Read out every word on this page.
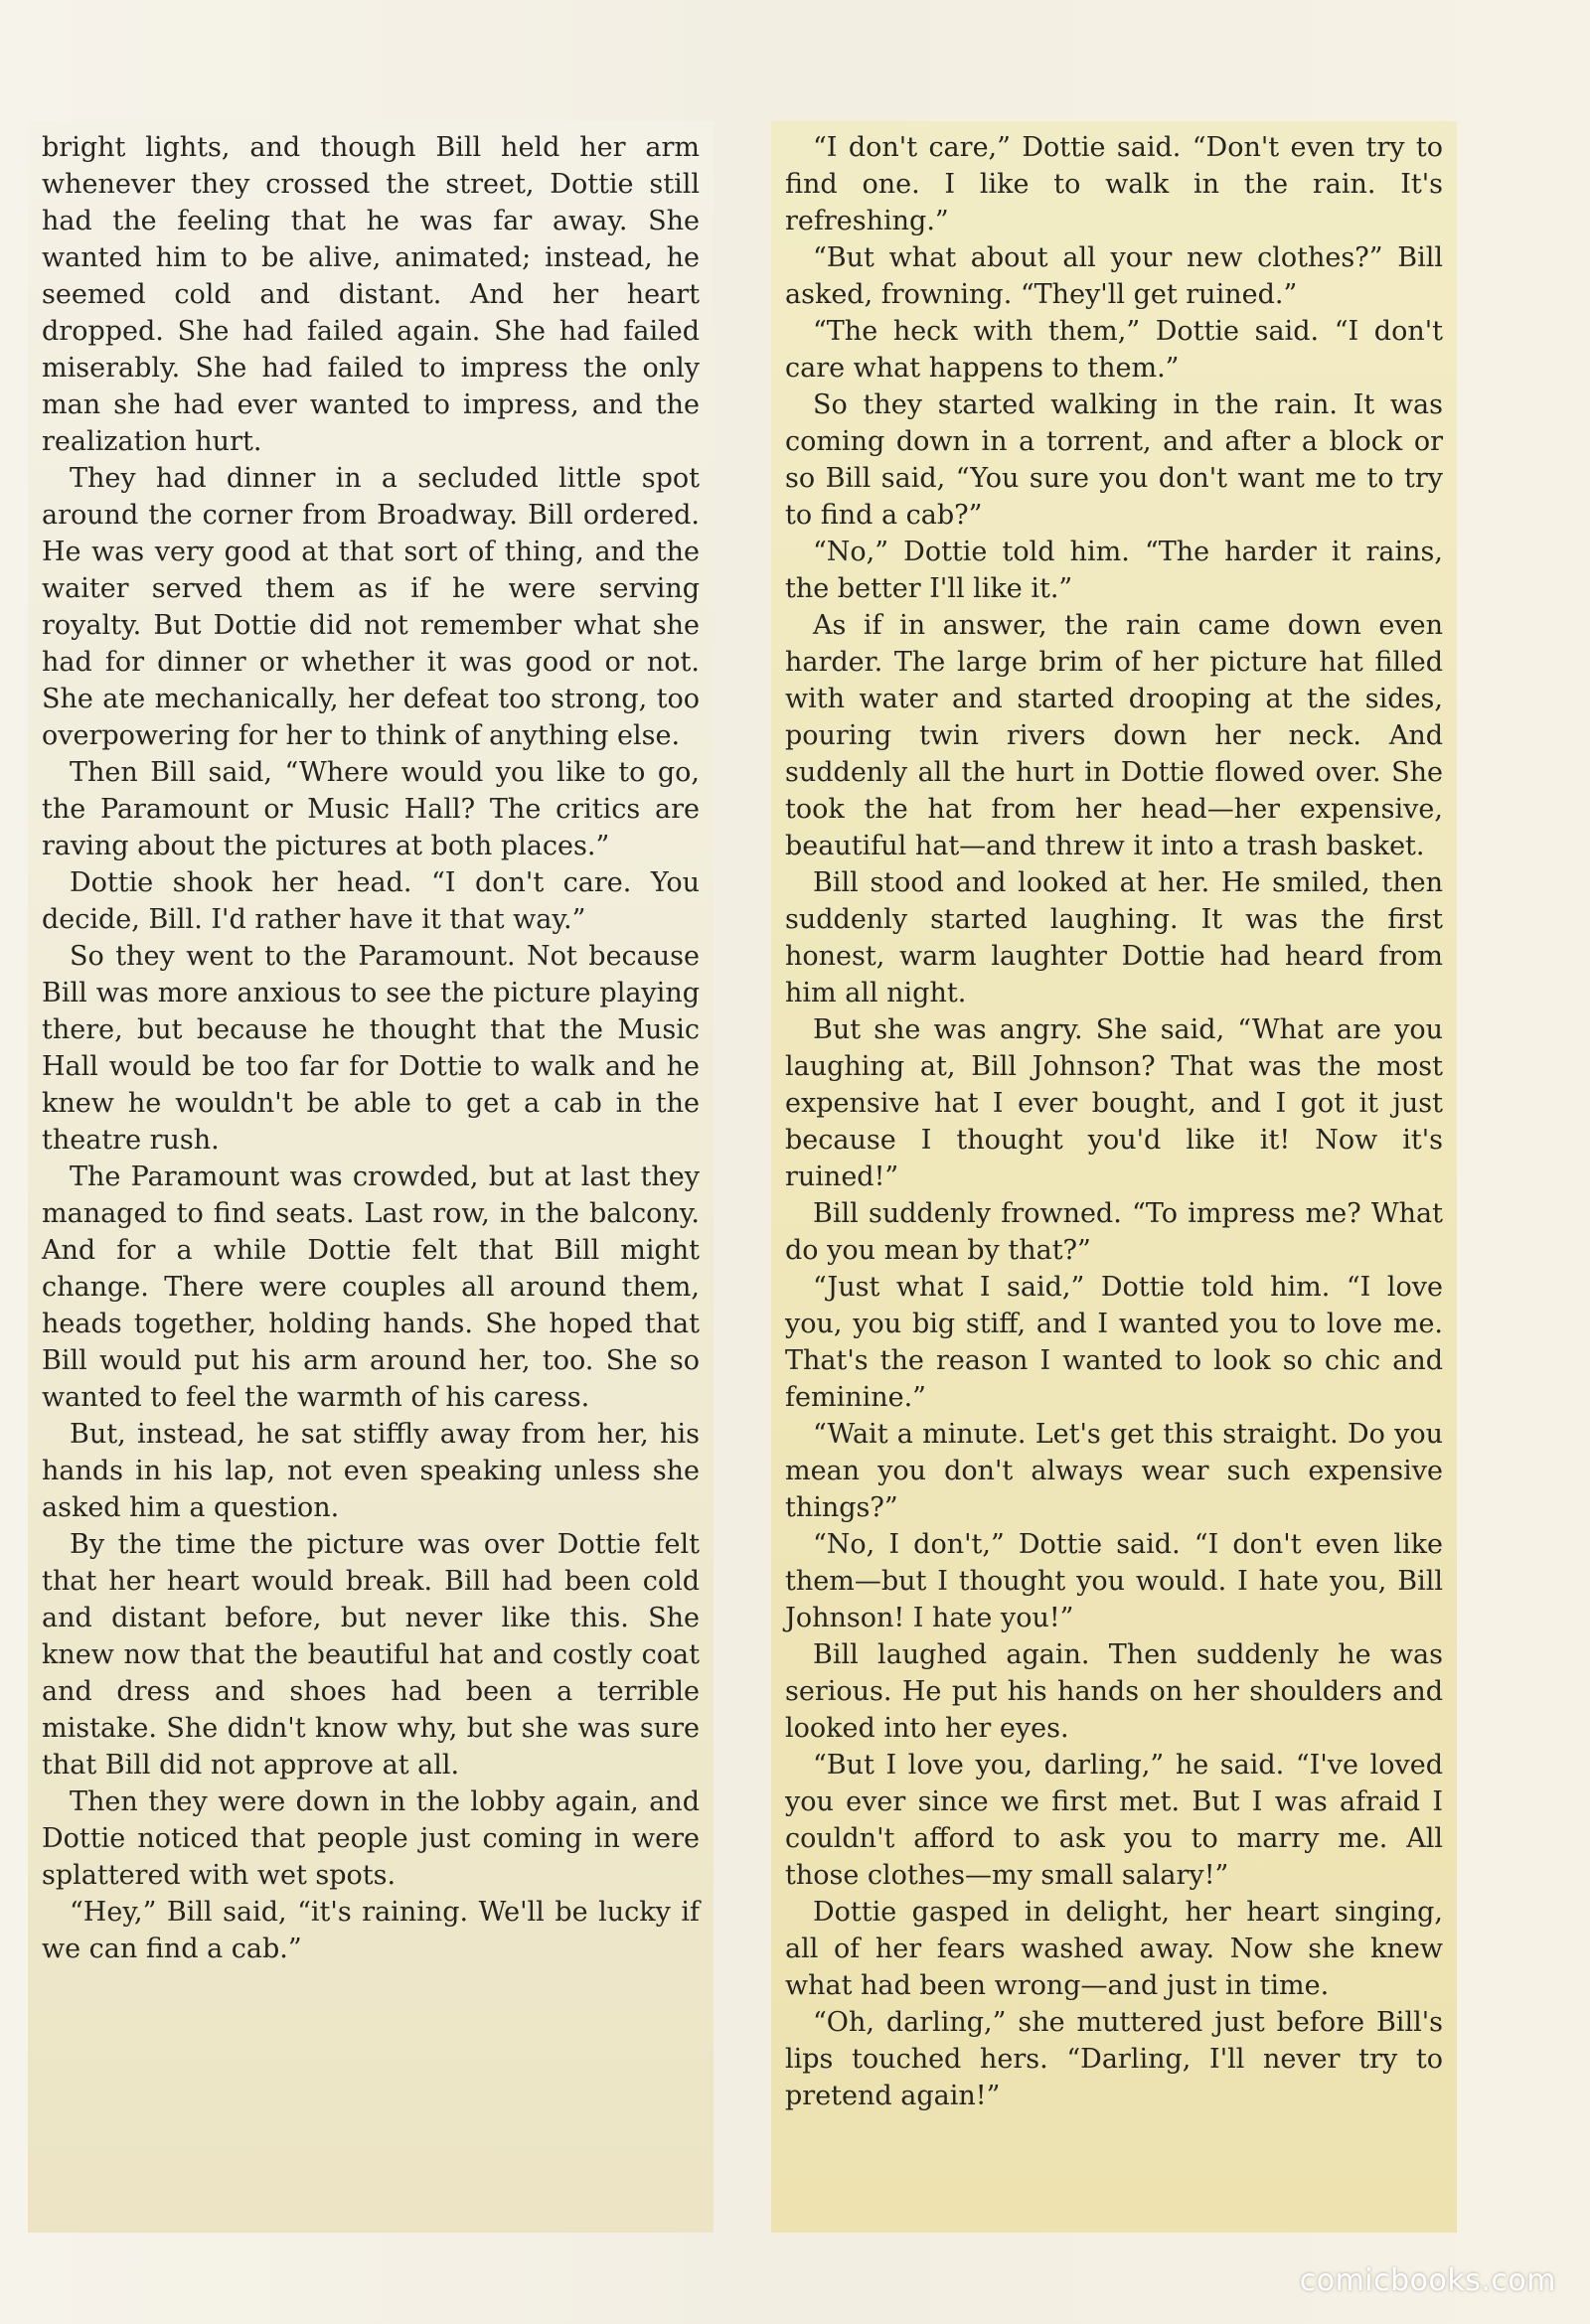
bright lights, and though Bill held her arm whenever they crossed the street, Dottie still had the feeling that he was far away. She wanted him to be alive, animated; instead, he seemed cold and distant. And her heart dropped. She had failed again. She had failed miserably. She had failed to impress the only man she had ever wanted to impress, and the realization hurt.

They had dinner in a secluded little spot around the corner from Broadway. Bill ordered. He was very good at that sort of thing, and the waiter served them as if he were serving royalty. But Dottie did not remember what she had for dinner or whether it was good or not. She ate mechanically, her defeat too strong, too overpowering for her to think of anything else.

Then Bill said, “Where would you like to go, the Paramount or Music Hall? The critics are raving about the pictures at both places.”

Dottie shook her head. “I don't care. You decide, Bill. I'd rather have it that way.”

So they went to the Paramount. Not because Bill was more anxious to see the picture playing there, but because he thought that the Music Hall would be too far for Dottie to walk and he knew he wouldn't be able to get a cab in the theatre rush.

The Paramount was crowded, but at last they managed to find seats. Last row, in the balcony. And for a while Dottie felt that Bill might change. There were couples all around them, heads together, holding hands. She hoped that Bill would put his arm around her, too. She so wanted to feel the warmth of his caress.

But, instead, he sat stiffly away from her, his hands in his lap, not even speaking unless she asked him a question.

By the time the picture was over Dottie felt that her heart would break. Bill had been cold and distant before, but never like this. She knew now that the beautiful hat and costly coat and dress and shoes had been a terrible mistake. She didn't know why, but she was sure that Bill did not approve at all.

Then they were down in the lobby again, and Dottie noticed that people just coming in were splattered with wet spots.

“Hey,” Bill said, “it's raining. We'll be lucky if we can find a cab.”

“I don't care,” Dottie said. “Don't even try to find one. I like to walk in the rain. It's refreshing.”

“But what about all your new clothes?” Bill asked, frowning. “They'll get ruined.”

“The heck with them,” Dottie said. “I don't care what happens to them.”

So they started walking in the rain. It was coming down in a torrent, and after a block or so Bill said, “You sure you don't want me to try to find a cab?”

“No,” Dottie told him. “The harder it rains, the better I'll like it.”

As if in answer, the rain came down even harder. The large brim of her picture hat filled with water and started drooping at the sides, pouring twin rivers down her neck. And suddenly all the hurt in Dottie flowed over. She took the hat from her head—her expensive, beautiful hat—and threw it into a trash basket.

Bill stood and looked at her. He smiled, then suddenly started laughing. It was the first honest, warm laughter Dottie had heard from him all night.

But she was angry. She said, “What are you laughing at, Bill Johnson? That was the most expensive hat I ever bought, and I got it just because I thought you'd like it! Now it's ruined!”

Bill suddenly frowned. “To impress me? What do you mean by that?”

“Just what I said,” Dottie told him. “I love you, you big stiff, and I wanted you to love me. That's the reason I wanted to look so chic and feminine.”

“Wait a minute. Let's get this straight. Do you mean you don't always wear such expensive things?”

“No, I don't,” Dottie said. “I don't even like them—but I thought you would. I hate you, Bill Johnson! I hate you!”

Bill laughed again. Then suddenly he was serious. He put his hands on her shoulders and looked into her eyes.

“But I love you, darling,” he said. “I've loved you ever since we first met. But I was afraid I couldn't afford to ask you to marry me. All those clothes—my small salary!”

Dottie gasped in delight, her heart singing, all of her fears washed away. Now she knew what had been wrong—and just in time.

“Oh, darling,” she muttered just before Bill's lips touched hers. “Darling, I'll never try to pretend again!”

comicbooks.com
